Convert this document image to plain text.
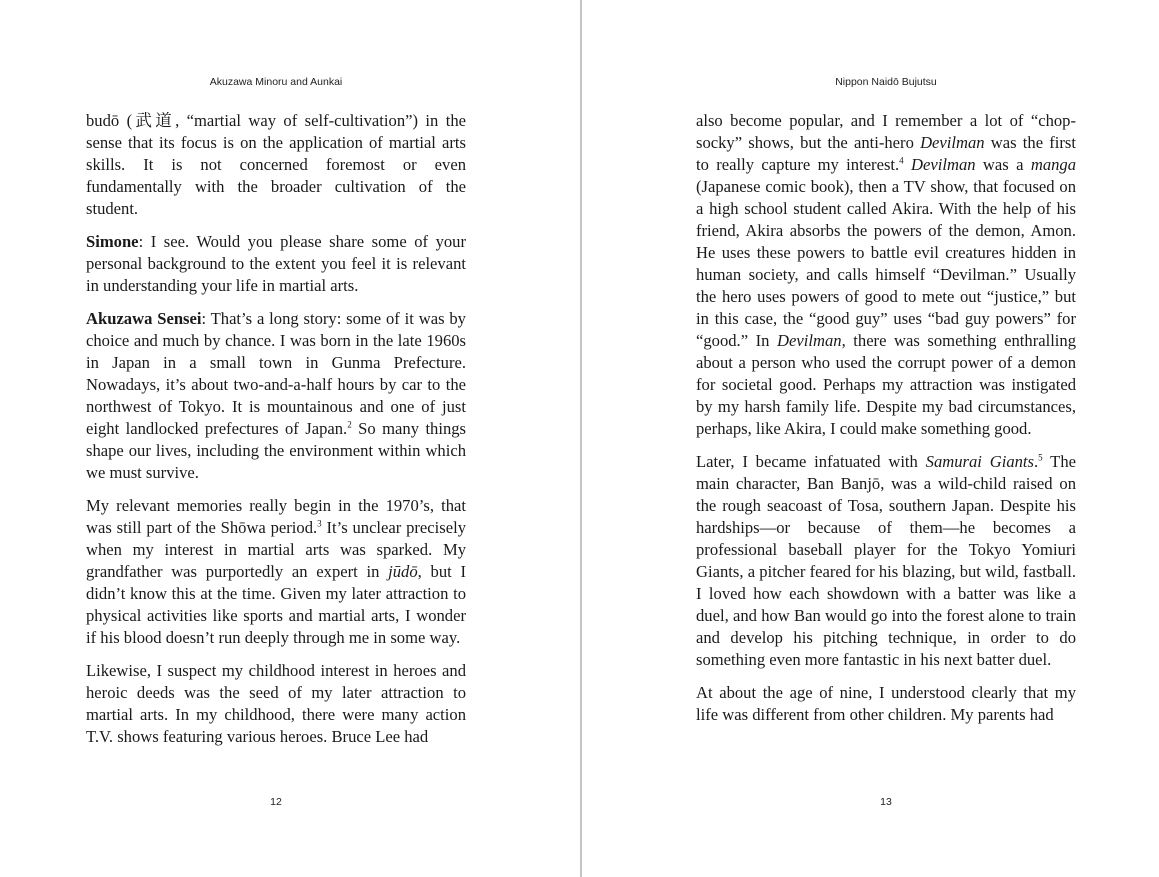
Akuzawa Minoru and Aunkai

budō (武道, “martial way of self-cultivation”) in the sense that its focus is on the application of martial arts skills. It is not concerned foremost or even fundamentally with the broader cultivation of the student.

Simone: I see. Would you please share some of your personal background to the extent you feel it is relevant in understanding your life in martial arts.

Akuzawa Sensei: That’s a long story: some of it was by choice and much by chance. I was born in the late 1960s in Japan in a small town in Gunma Prefecture. Nowadays, it’s about two-and-a-half hours by car to the northwest of Tokyo. It is mountainous and one of just eight landlocked prefectures of Japan.$^2$ So many things shape our lives, including the environment within which we must survive.

My relevant memories really begin in the 1970’s, that was still part of the Shōwa period.$^3$ It’s unclear precisely when my interest in martial arts was sparked. My grandfather was purportedly an expert in jūdō, but I didn’t know this at the time. Given my later attraction to physical activities like sports and martial arts, I wonder if his blood doesn’t run deeply through me in some way.

Likewise, I suspect my childhood interest in heroes and heroic deeds was the seed of my later attraction to martial arts. In my childhood, there were many action T.V. shows featuring various heroes. Bruce Lee had

12
Nippon Naidō Bujutsu

also become popular, and I remember a lot of “chop-socky” shows, but the anti-hero Devilman was the first to really capture my interest.$^4$ Devilman was a manga (Japanese comic book), then a TV show, that focused on a high school student called Akira. With the help of his friend, Akira absorbs the powers of the demon, Amon. He uses these powers to battle evil creatures hidden in human society, and calls himself “Devilman.” Usually the hero uses powers of good to mete out “justice,” but in this case, the “good guy” uses “bad guy powers” for “good.” In Devilman, there was something enthralling about a person who used the corrupt power of a demon for societal good. Perhaps my attraction was instigated by my harsh family life. Despite my bad circumstances, perhaps, like Akira, I could make something good.

Later, I became infatuated with Samurai Giants.$^5$ The main character, Ban Banjō, was a wild-child raised on the rough seacoast of Tosa, southern Japan. Despite his hardships—or because of them—he becomes a professional baseball player for the Tokyo Yomiuri Giants, a pitcher feared for his blazing, but wild, fastball. I loved how each showdown with a batter was like a duel, and how Ban would go into the forest alone to train and develop his pitching technique, in order to do something even more fantastic in his next batter duel.

At about the age of nine, I understood clearly that my life was different from other children. My parents had

13
